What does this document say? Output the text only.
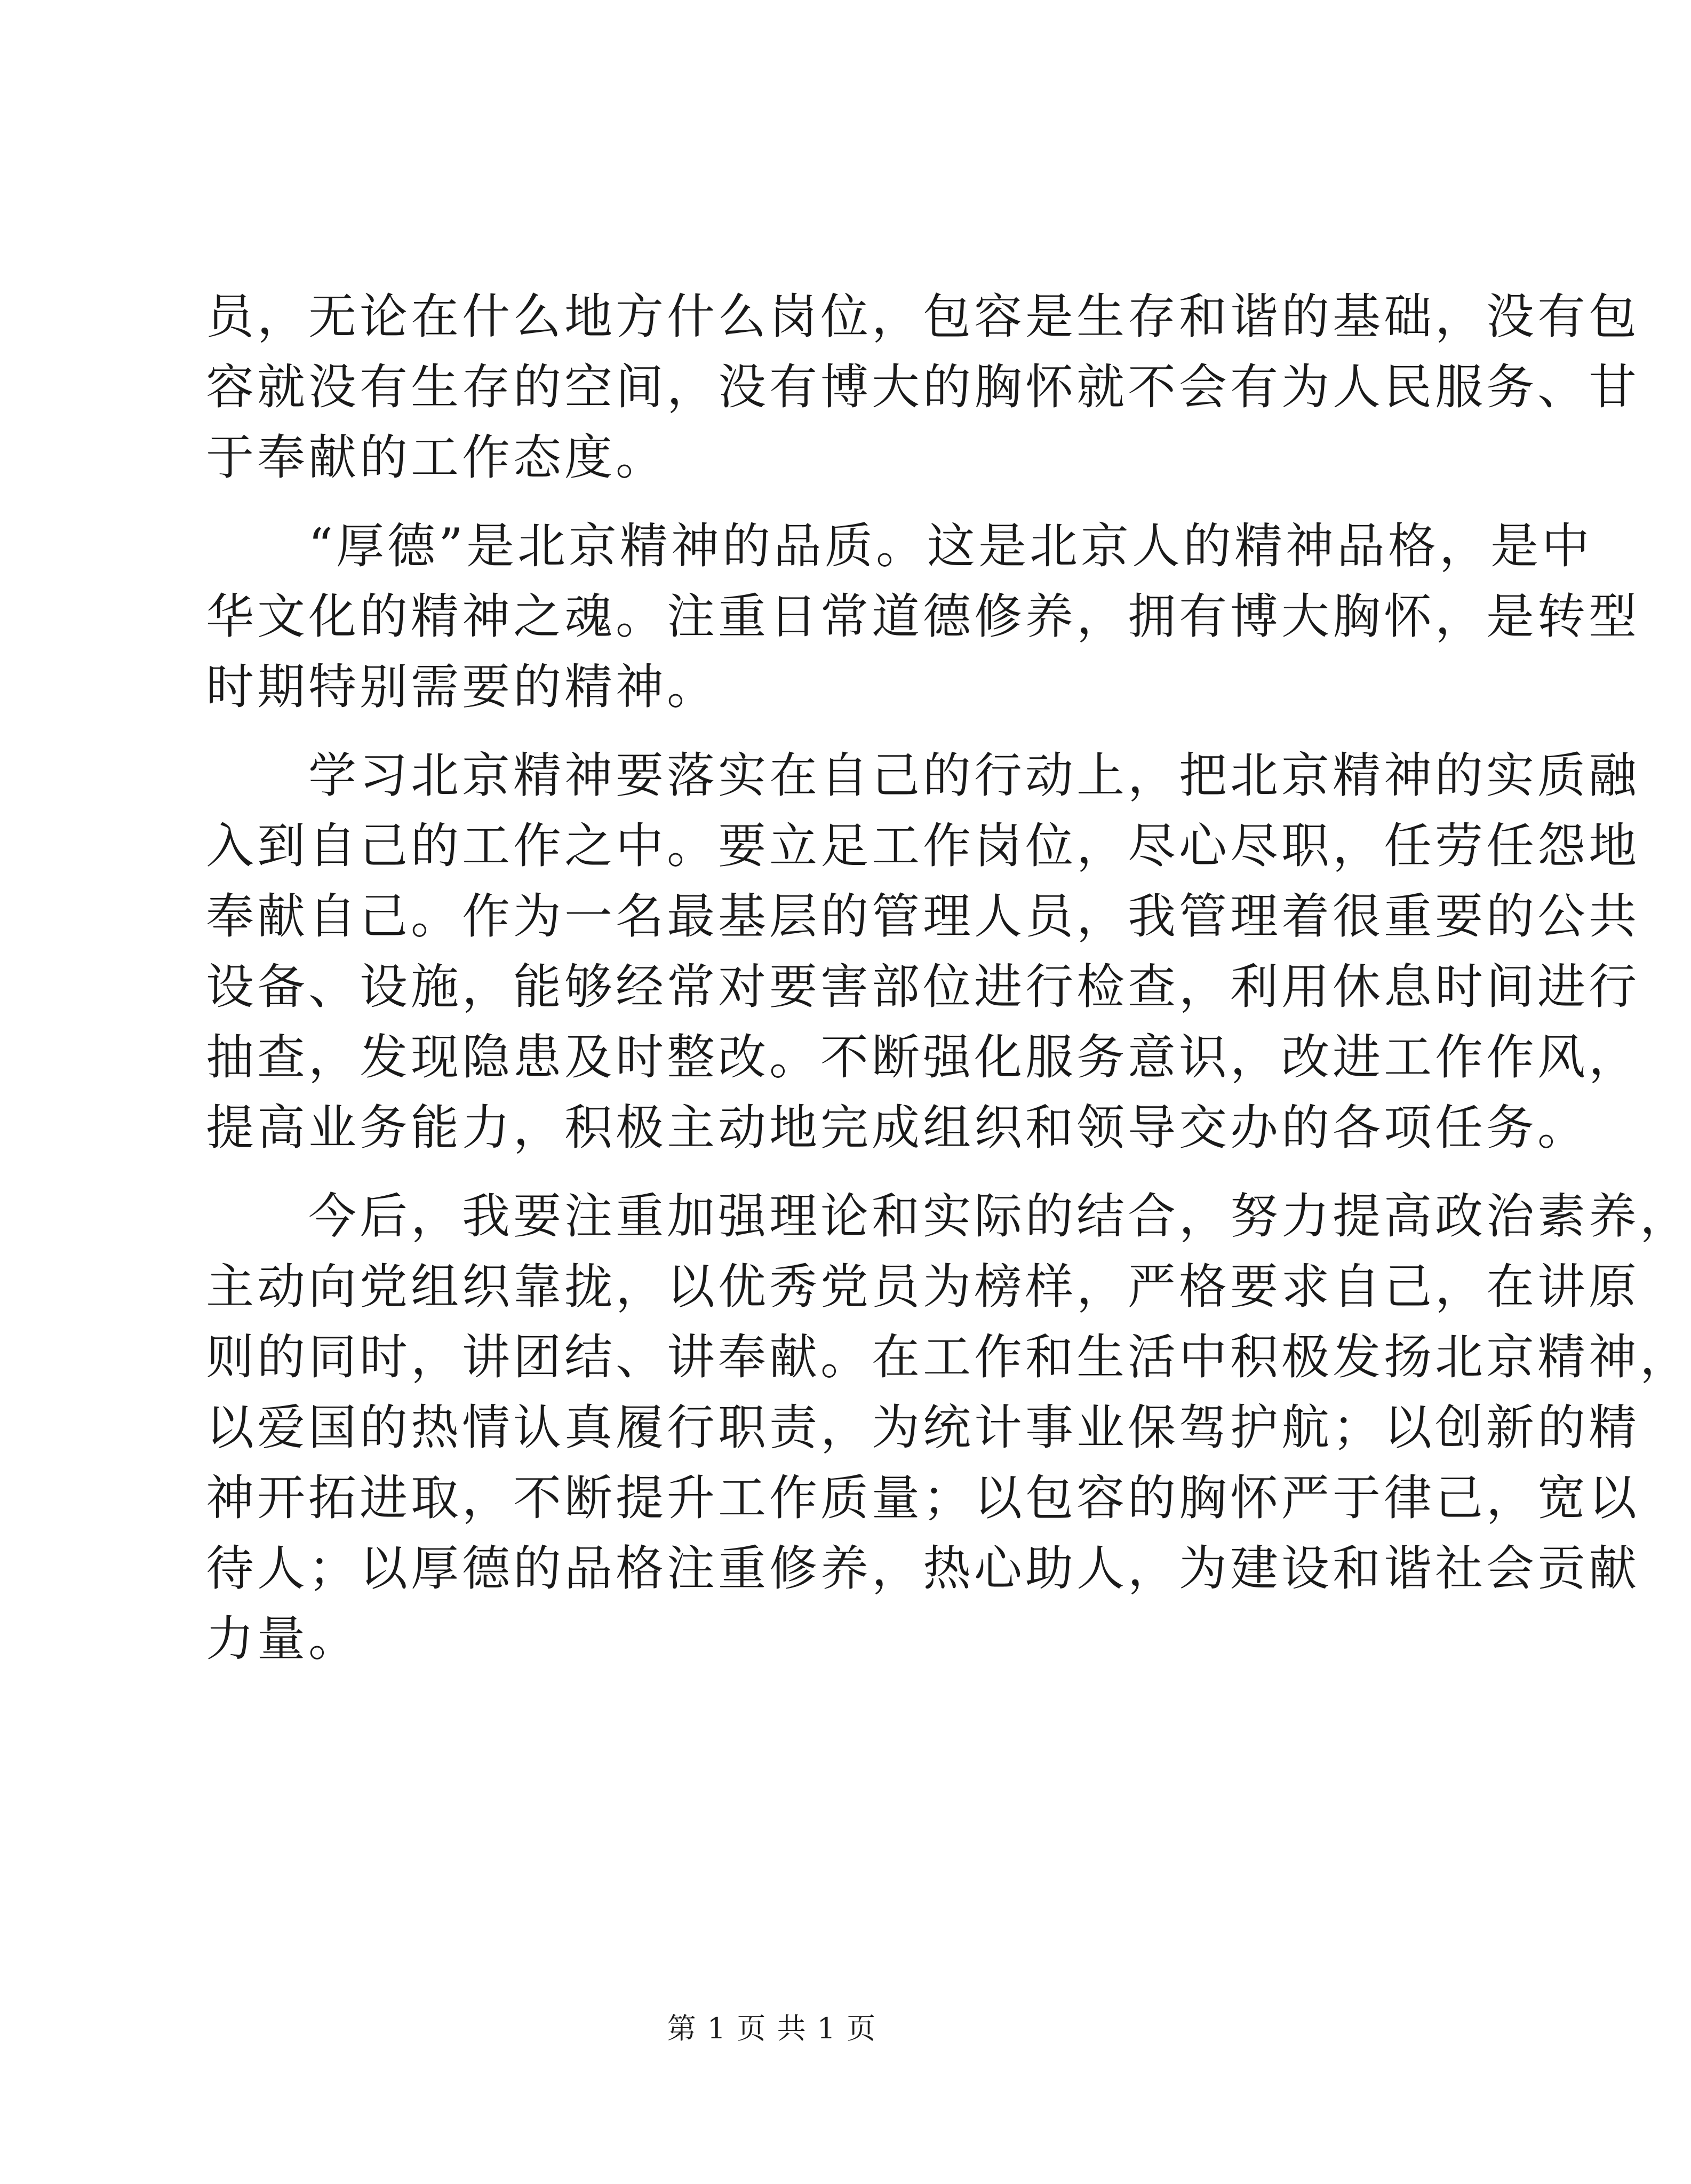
员，无论在什么地方什么岗位，包容是生存和谐的基础，没有包
容就没有生存的空间，没有博大的胸怀就不会有为人民服务、甘
于奉献的工作态度。
　　“厚德”是北京精神的品质。这是北京人的精神品格，是中
华文化的精神之魂。注重日常道德修养，拥有博大胸怀，是转型
时期特别需要的精神。
　　学习北京精神要落实在自己的行动上，把北京精神的实质融
入到自己的工作之中。要立足工作岗位，尽心尽职，任劳任怨地
奉献自己。作为一名最基层的管理人员，我管理着很重要的公共
设备、设施，能够经常对要害部位进行检查，利用休息时间进行
抽查，发现隐患及时整改。不断强化服务意识，改进工作作风，
提高业务能力，积极主动地完成组织和领导交办的各项任务。
　　今后，我要注重加强理论和实际的结合，努力提高政治素养，
主动向党组织靠拢，以优秀党员为榜样，严格要求自己，在讲原
则的同时，讲团结、讲奉献。在工作和生活中积极发扬北京精神，
以爱国的热情认真履行职责，为统计事业保驾护航；以创新的精
神开拓进取，不断提升工作质量；以包容的胸怀严于律己，宽以
待人；以厚德的品格注重修养，热心助人，为建设和谐社会贡献
力量。
第 1 页 共 1 页
